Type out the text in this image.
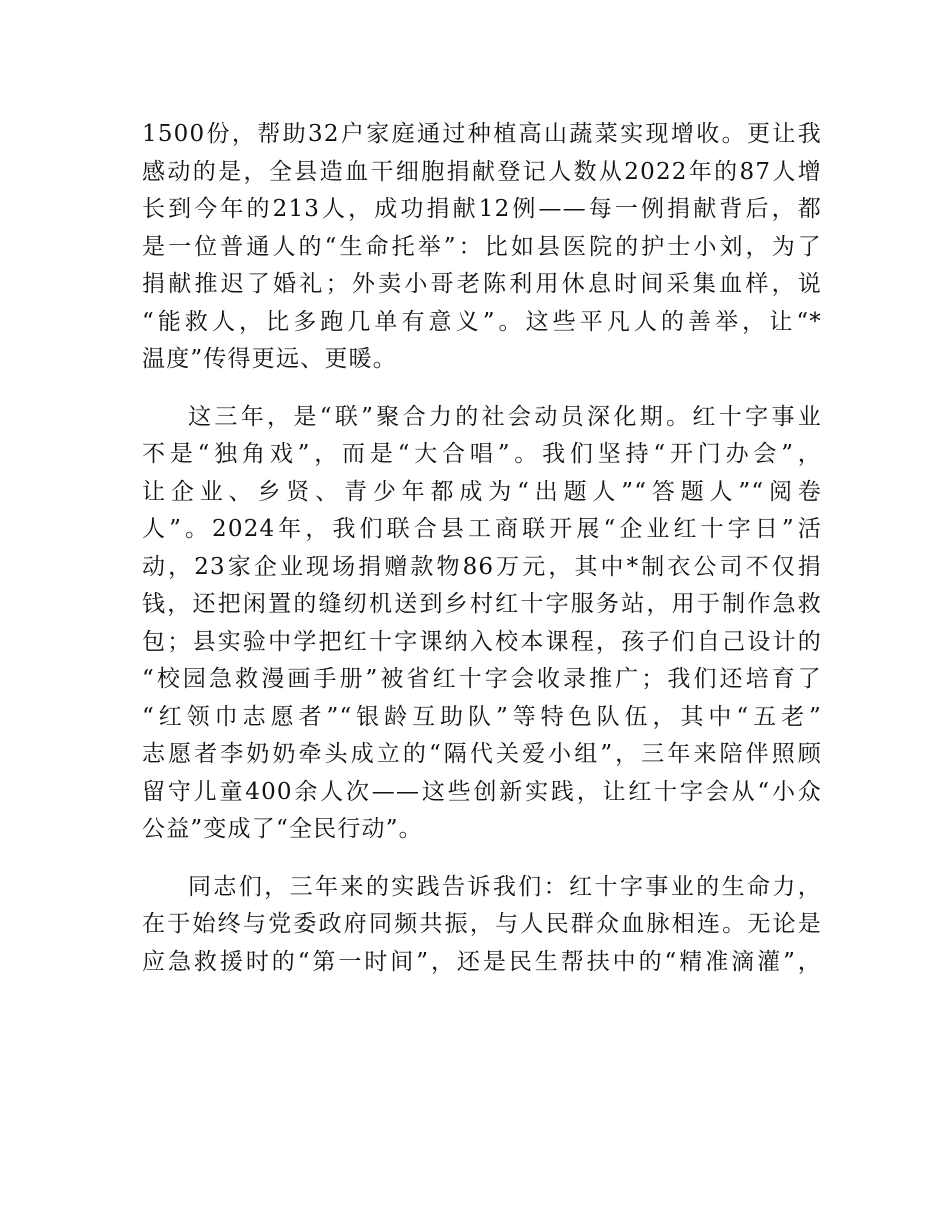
1500份，帮助32户家庭通过种植高山蔬菜实现增收。更让我
感动的是，全县造血干细胞捐献登记人数从2022年的87人增
长到今年的213人，成功捐献12例——每一例捐献背后，都
是一位普通人的“生命托举”：比如县医院的护士小刘，为了
捐献推迟了婚礼；外卖小哥老陈利用休息时间采集血样，说
“能救人，比多跑几单有意义”。这些平凡人的善举，让“*
温度”传得更远、更暖。
这三年，是“联”聚合力的社会动员深化期。红十字事业
不是“独角戏”，而是“大合唱”。我们坚持“开门办会”，
让企业、乡贤、青少年都成为“出题人”“答题人”“阅卷
人”。2024年，我们联合县工商联开展“企业红十字日”活
动，23家企业现场捐赠款物86万元，其中*制衣公司不仅捐
钱，还把闲置的缝纫机送到乡村红十字服务站，用于制作急救
包；县实验中学把红十字课纳入校本课程，孩子们自己设计的
“校园急救漫画手册”被省红十字会收录推广；我们还培育了
“红领巾志愿者”“银龄互助队”等特色队伍，其中“五老”
志愿者李奶奶牵头成立的“隔代关爱小组”，三年来陪伴照顾
留守儿童400余人次——这些创新实践，让红十字会从“小众
公益”变成了“全民行动”。
同志们，三年来的实践告诉我们：红十字事业的生命力，
在于始终与党委政府同频共振，与人民群众血脉相连。无论是
应急救援时的“第一时间”，还是民生帮扶中的“精准滴灌”，
